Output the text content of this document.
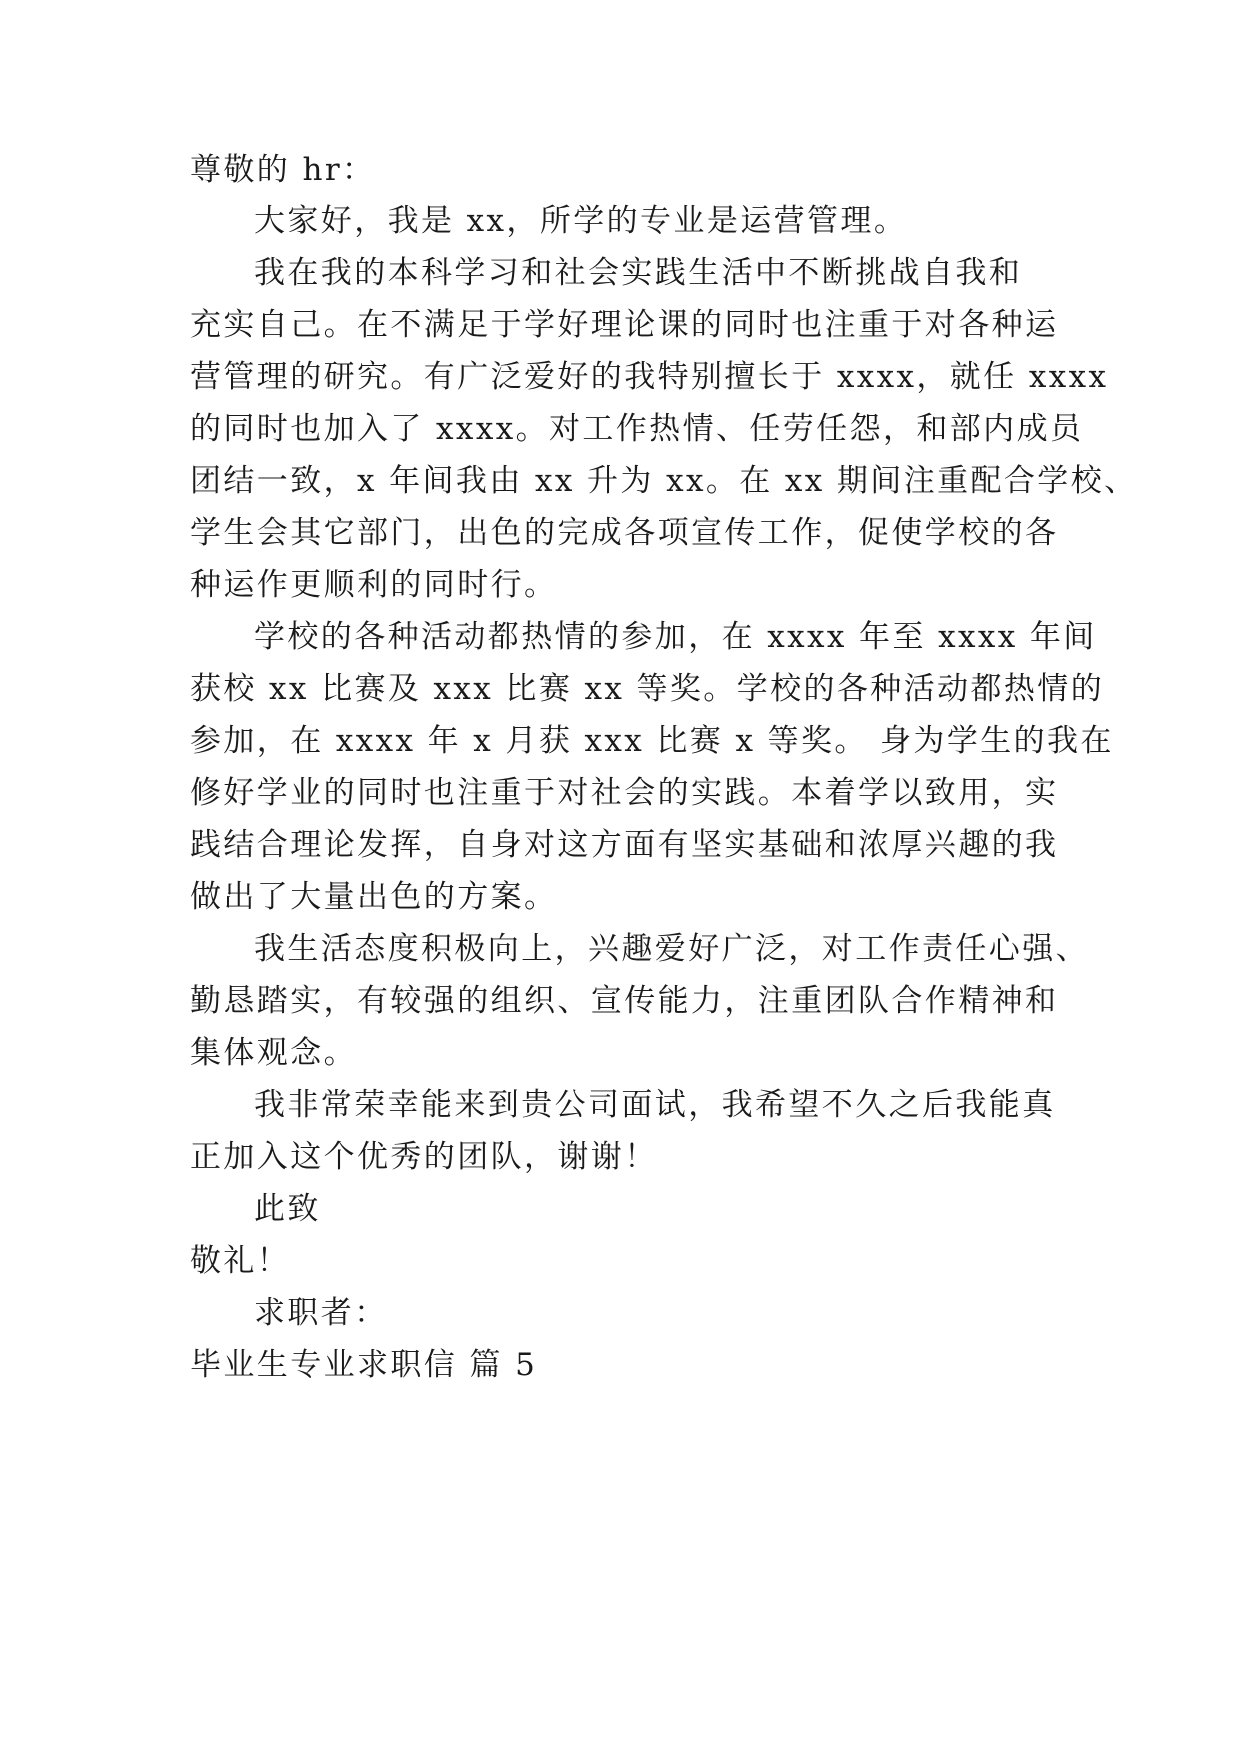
尊敬的 hr：

大家好，我是 xx，所学的专业是运营管理。

我在我的本科学习和社会实践生活中不断挑战自我和

充实自己。在不满足于学好理论课的同时也注重于对各种运

营管理的研究。有广泛爱好的我特别擅长于 xxxx，就任 xxxx

的同时也加入了 xxxx。对工作热情、任劳任怨，和部内成员

团结一致，x 年间我由 xx 升为 xx。在 xx 期间注重配合学校、

学生会其它部门，出色的完成各项宣传工作，促使学校的各

种运作更顺利的同时行。

学校的各种活动都热情的参加，在 xxxx 年至 xxxx 年间

获校 xx 比赛及 xxx 比赛 xx 等奖。学校的各种活动都热情的

参加，在 xxxx 年 x 月获 xxx 比赛 x 等奖。 身为学生的我在

修好学业的同时也注重于对社会的实践。本着学以致用，实

践结合理论发挥，自身对这方面有坚实基础和浓厚兴趣的我

做出了大量出色的方案。

我生活态度积极向上，兴趣爱好广泛，对工作责任心强、

勤恳踏实，有较强的组织、宣传能力，注重团队合作精神和

集体观念。

我非常荣幸能来到贵公司面试，我希望不久之后我能真

正加入这个优秀的团队，谢谢！

此致

敬礼！

求职者：

毕业生专业求职信 篇 5
